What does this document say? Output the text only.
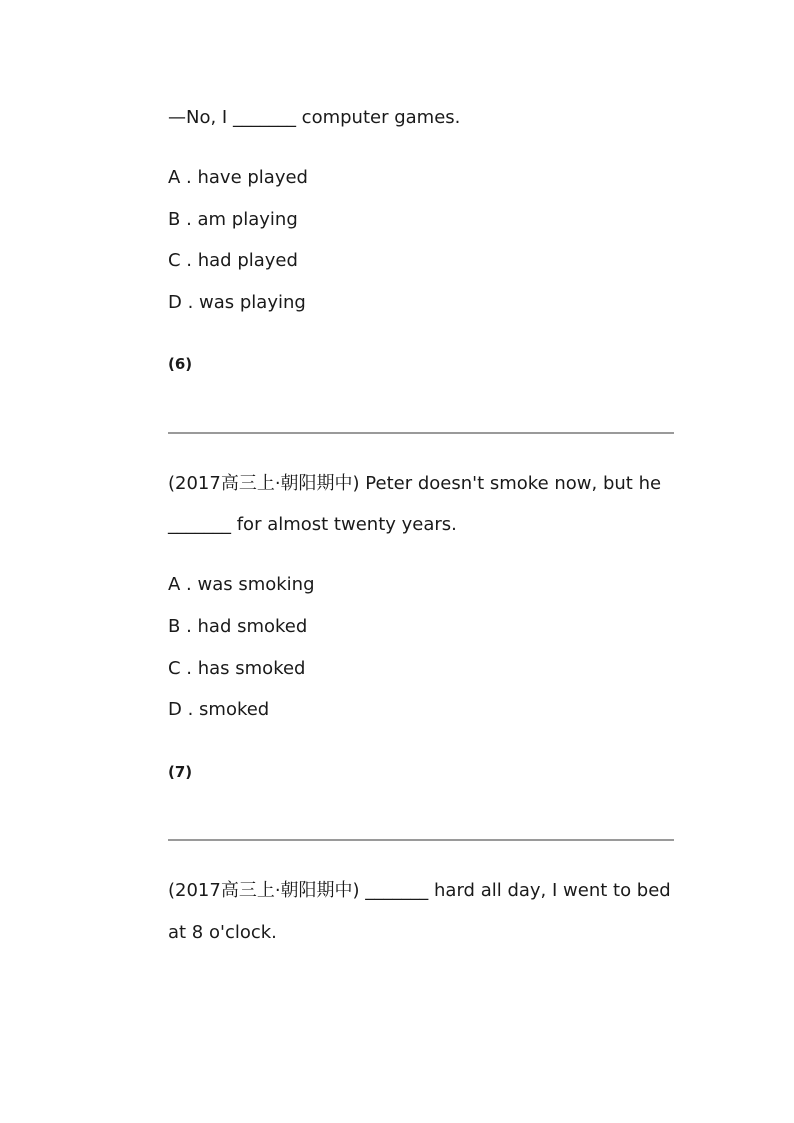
—No, I _______ computer games.
A . have played
B . am playing
C . had played
D . was playing
(6)
(2017高三上·朝阳期中) Peter doesn't smoke now, but he
_______ for almost twenty years.
A . was smoking
B . had smoked
C . has smoked
D . smoked
(7)
(2017高三上·朝阳期中) _______ hard all day, I went to bed
at 8 o'clock.
